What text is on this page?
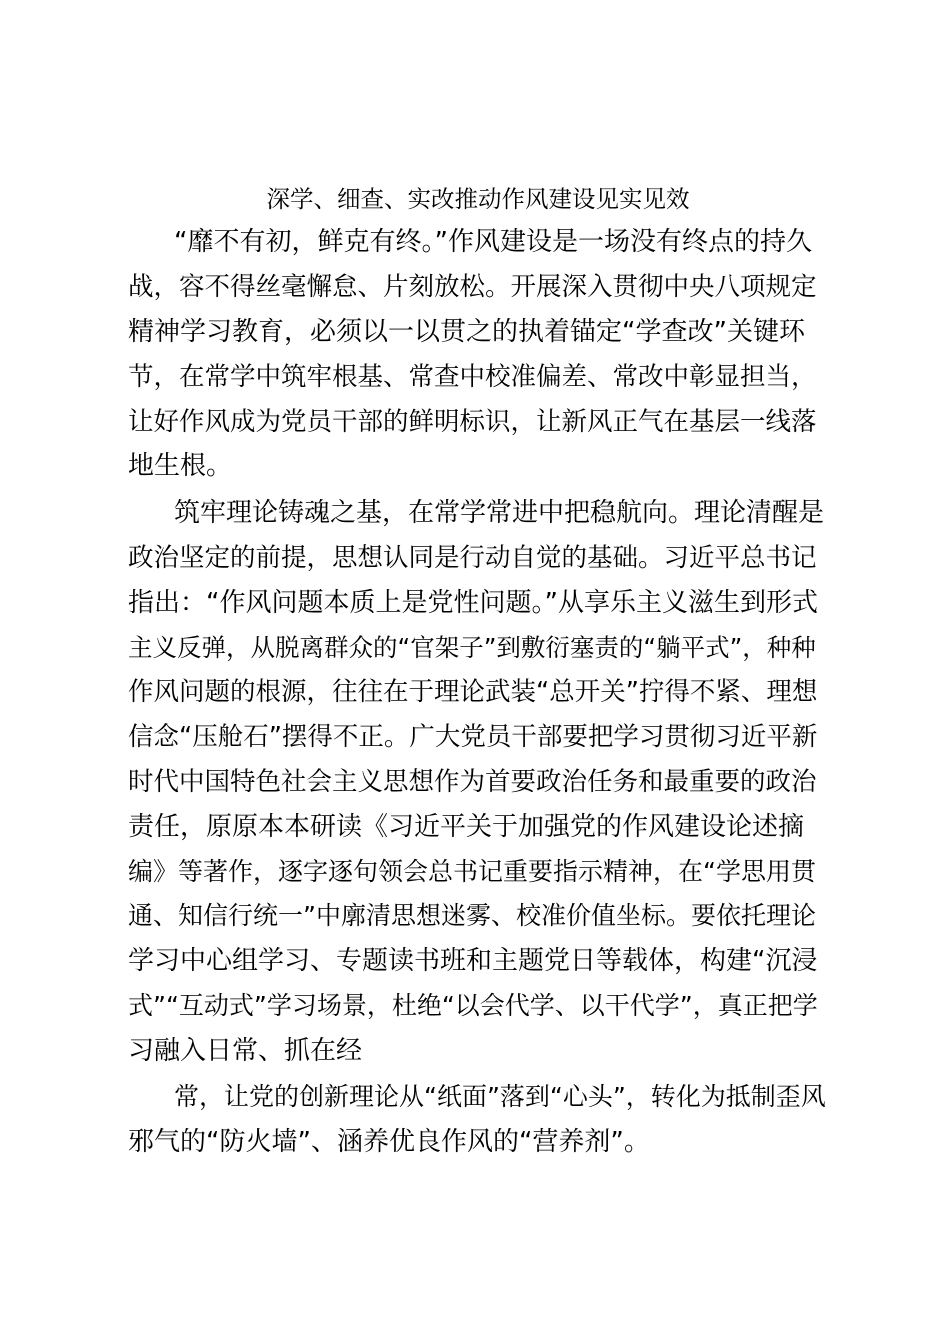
深学、细查、实改推动作风建设见实见效

“靡不有初，鲜克有终。”作风建设是一场没有终点的持久

战，容不得丝毫懈怠、片刻放松。开展深入贯彻中央八项规定

精神学习教育，必须以一以贯之的执着锚定“学查改”关键环

节，在常学中筑牢根基、常查中校准偏差、常改中彰显担当，

让好作风成为党员干部的鲜明标识，让新风正气在基层一线落

地生根。

筑牢理论铸魂之基，在常学常进中把稳航向。理论清醒是

政治坚定的前提，思想认同是行动自觉的基础。习近平总书记

指出：“作风问题本质上是党性问题。”从享乐主义滋生到形式

主义反弹，从脱离群众的“官架子”到敷衍塞责的“躺平式”，种种

作风问题的根源，往往在于理论武装“总开关”拧得不紧、理想

信念“压舱石”摆得不正。广大党员干部要把学习贯彻习近平新

时代中国特色社会主义思想作为首要政治任务和最重要的政治

责任，原原本本研读《习近平关于加强党的作风建设论述摘

编》等著作，逐字逐句领会总书记重要指示精神，在“学思用贯

通、知信行统一”中廓清思想迷雾、校准价值坐标。要依托理论

学习中心组学习、专题读书班和主题党日等载体，构建“沉浸

式”“互动式”学习场景，杜绝“以会代学、以干代学”，真正把学

习融入日常、抓在经

常，让党的创新理论从“纸面”落到“心头”，转化为抵制歪风

邪气的“防火墙”、涵养优良作风的“营养剂”。
